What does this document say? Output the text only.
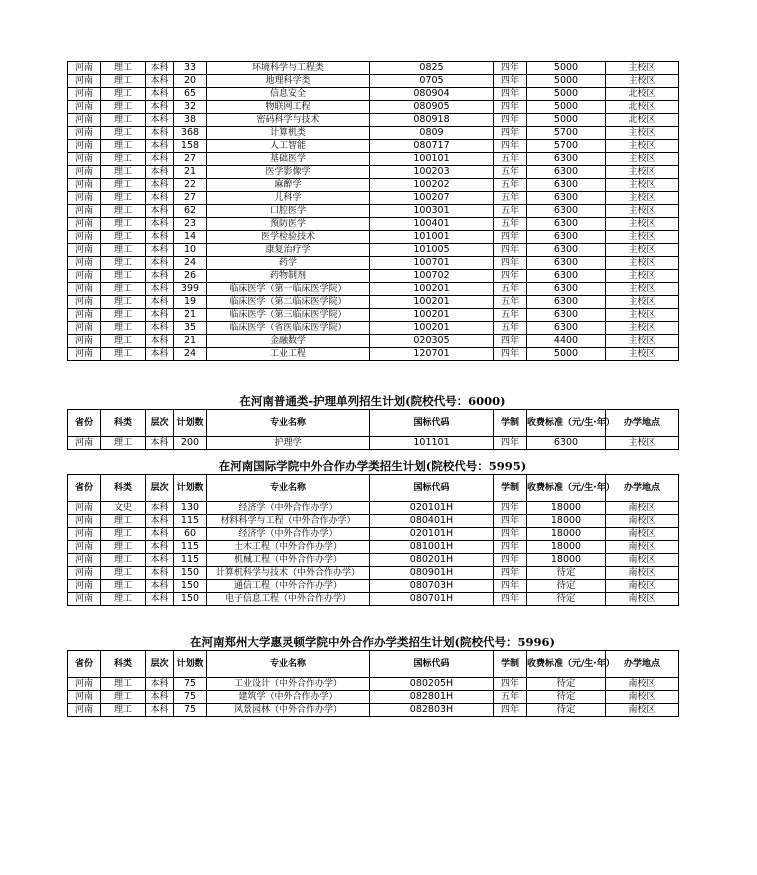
河南	理工	本科	33	环境科学与工程类	0825	四年	5000	主校区
河南	理工	本科	20	地理科学类	0705	四年	5000	主校区
河南	理工	本科	65	信息安全	080904	四年	5000	北校区
河南	理工	本科	32	物联网工程	080905	四年	5000	北校区
河南	理工	本科	38	密码科学与技术	080918	四年	5000	北校区
河南	理工	本科	368	计算机类	0809	四年	5700	主校区
河南	理工	本科	158	人工智能	080717	四年	5700	主校区
河南	理工	本科	27	基础医学	100101	五年	6300	主校区
河南	理工	本科	21	医学影像学	100203	五年	6300	主校区
河南	理工	本科	22	麻醉学	100202	五年	6300	主校区
河南	理工	本科	27	儿科学	100207	五年	6300	主校区
河南	理工	本科	62	口腔医学	100301	五年	6300	主校区
河南	理工	本科	23	预防医学	100401	五年	6300	主校区
河南	理工	本科	14	医学检验技术	101001	四年	6300	主校区
河南	理工	本科	10	康复治疗学	101005	四年	6300	主校区
河南	理工	本科	24	药学	100701	四年	6300	主校区
河南	理工	本科	26	药物制剂	100702	四年	6300	主校区
河南	理工	本科	399	临床医学（第一临床医学院）	100201	五年	6300	主校区
河南	理工	本科	19	临床医学（第二临床医学院）	100201	五年	6300	主校区
河南	理工	本科	21	临床医学（第三临床医学院）	100201	五年	6300	主校区
河南	理工	本科	35	临床医学（省医临床医学院）	100201	五年	6300	主校区
河南	理工	本科	21	金融数学	020305	四年	4400	主校区
河南	理工	本科	24	工业工程	120701	四年	5000	主校区
在河南普通类-护理单列招生计划(院校代号：6000)
省份	科类	层次	计划数	专业名称	国标代码	学制	收费标准（元/生·年）	办学地点
河南	理工	本科	200	护理学	101101	四年	6300	主校区
在河南国际学院中外合作办学类招生计划(院校代号：5995)
省份	科类	层次	计划数	专业名称	国标代码	学制	收费标准（元/生·年）	办学地点
河南	文史	本科	130	经济学（中外合作办学）	020101H	四年	18000	南校区
河南	理工	本科	115	材料科学与工程（中外合作办学）	080401H	四年	18000	南校区
河南	理工	本科	60	经济学（中外合作办学）	020101H	四年	18000	南校区
河南	理工	本科	115	土木工程（中外合作办学）	081001H	四年	18000	南校区
河南	理工	本科	115	机械工程（中外合作办学）	080201H	四年	18000	南校区
河南	理工	本科	150	计算机科学与技术（中外合作办学）	080901H	四年	待定	南校区
河南	理工	本科	150	通信工程（中外合作办学）	080703H	四年	待定	南校区
河南	理工	本科	150	电子信息工程（中外合作办学）	080701H	四年	待定	南校区
在河南郑州大学惠灵顿学院中外合作办学类招生计划(院校代号：5996)
省份	科类	层次	计划数	专业名称	国标代码	学制	收费标准（元/生·年）	办学地点
河南	理工	本科	75	工业设计（中外合作办学）	080205H	四年	待定	南校区
河南	理工	本科	75	建筑学（中外合作办学）	082801H	五年	待定	南校区
河南	理工	本科	75	风景园林（中外合作办学）	082803H	四年	待定	南校区
